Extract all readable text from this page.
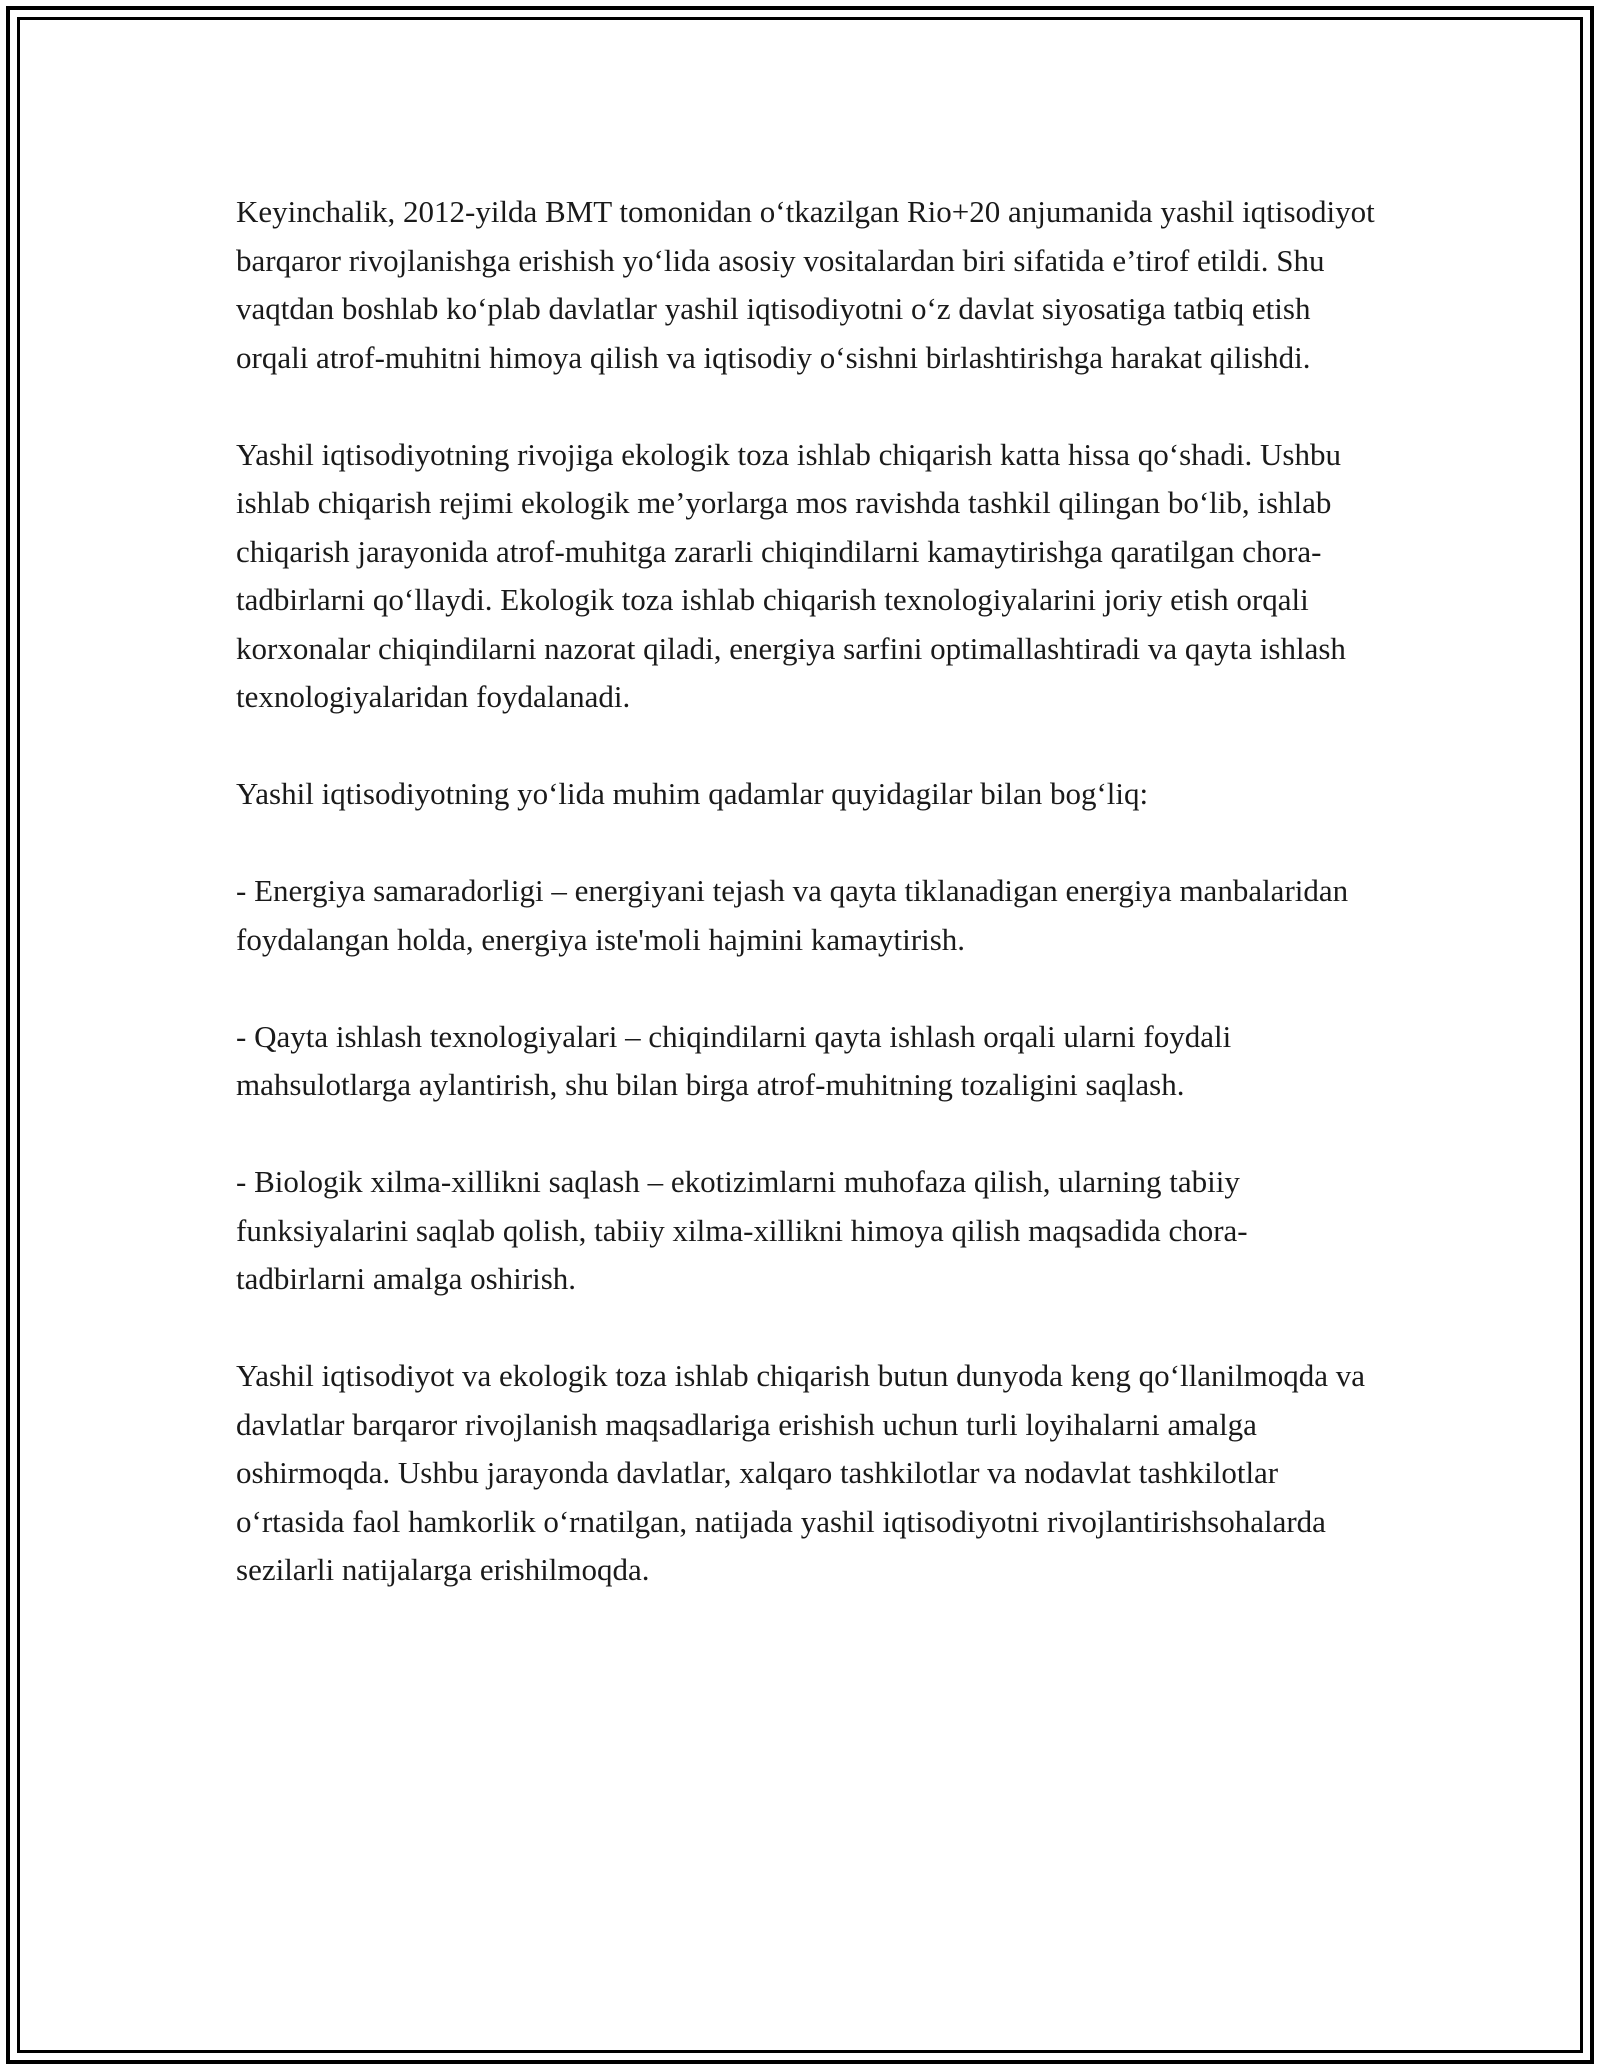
Keyinchalik, 2012-yilda BMT tomonidan o‘tkazilgan Rio+20 anjumanida yashil iqtisodiyot barqaror rivojlanishga erishish yo‘lida asosiy vositalardan biri sifatida e’tirof etildi. Shu vaqtdan boshlab ko‘plab davlatlar yashil iqtisodiyotni o‘z davlat siyosatiga tatbiq etish orqali atrof-muhitni himoya qilish va iqtisodiy o‘sishni birlashtirishga harakat qilishdi.

Yashil iqtisodiyotning rivojiga ekologik toza ishlab chiqarish katta hissa qo‘shadi. Ushbu ishlab chiqarish rejimi ekologik me’yorlarga mos ravishda tashkil qilingan bo‘lib, ishlab chiqarish jarayonida atrof-muhitga zararli chiqindilarni kamaytirishga qaratilgan chora-tadbirlarni qo‘llaydi. Ekologik toza ishlab chiqarish texnologiyalarini joriy etish orqali korxonalar chiqindilarni nazorat qiladi, energiya sarfini optimallashtiradi va qayta ishlash texnologiyalaridan foydalanadi.

Yashil iqtisodiyotning yo‘lida muhim qadamlar quyidagilar bilan bog‘liq:

- Energiya samaradorligi – energiyani tejash va qayta tiklanadigan energiya manbalaridan foydalangan holda, energiya iste'moli hajmini kamaytirish.

- Qayta ishlash texnologiyalari – chiqindilarni qayta ishlash orqali ularni foydali mahsulotlarga aylantirish, shu bilan birga atrof-muhitning tozaligini saqlash.

- Biologik xilma-xillikni saqlash – ekotizimlarni muhofaza qilish, ularning tabiiy funksiyalarini saqlab qolish, tabiiy xilma-xillikni himoya qilish maqsadida chora-tadbirlarni amalga oshirish.

Yashil iqtisodiyot va ekologik toza ishlab chiqarish butun dunyoda keng qo‘llanilmoqda va davlatlar barqaror rivojlanish maqsadlariga erishish uchun turli loyihalarni amalga oshirmoqda. Ushbu jarayonda davlatlar, xalqaro tashkilotlar va nodavlat tashkilotlar o‘rtasida faol hamkorlik o‘rnatilgan, natijada yashil iqtisodiyotni rivojlantirishsohalarda sezilarli natijalarga erishilmoqda.
